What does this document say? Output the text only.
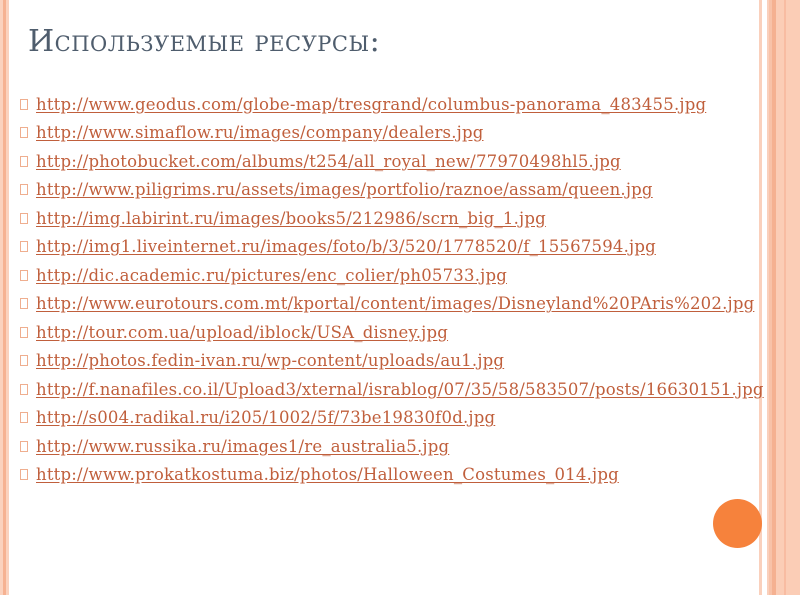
Используемые ресурсы:
http://www.geodus.com/globe-map/tresgrand/columbus-panorama_483455.jpg
http://www.simaflow.ru/images/company/dealers.jpg
http://photobucket.com/albums/t254/all_royal_new/77970498hl5.jpg
http://www.piligrims.ru/assets/images/portfolio/raznoe/assam/queen.jpg
http://img.labirint.ru/images/books5/212986/scrn_big_1.jpg
http://img1.liveinternet.ru/images/foto/b/3/520/1778520/f_15567594.jpg
http://dic.academic.ru/pictures/enc_colier/ph05733.jpg
http://www.eurotours.com.mt/kportal/content/images/Disneyland%20PAris%202.jpg
http://tour.com.ua/upload/iblock/USA_disney.jpg
http://photos.fedin-ivan.ru/wp-content/uploads/au1.jpg
http://f.nanafiles.co.il/Upload3/xternal/israblog/07/35/58/583507/posts/16630151.jpg
http://s004.radikal.ru/i205/1002/5f/73be19830f0d.jpg
http://www.russika.ru/images1/re_australia5.jpg
http://www.prokatkostuma.biz/photos/Halloween_Costumes_014.jpg
